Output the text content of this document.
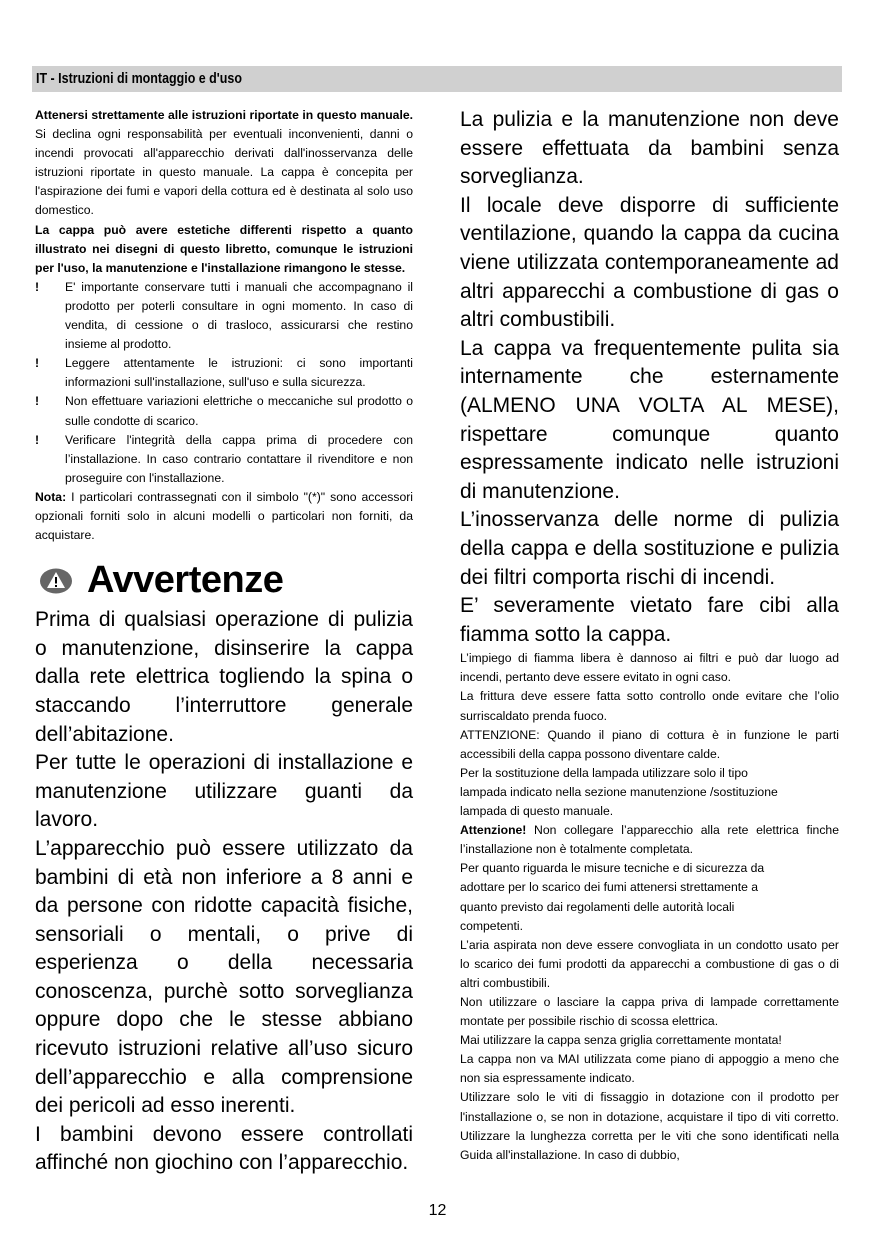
IT - Istruzioni di montaggio e d'uso

Attenersi strettamente alle istruzioni riportate in questo manuale. Si declina ogni responsabilità per eventuali inconvenienti, danni o incendi provocati all'apparecchio derivati dall'inosservanza delle istruzioni riportate in questo manuale. La cappa è concepita per l'aspirazione dei fumi e vapori della cottura ed è destinata al solo uso domestico.

La cappa può avere estetiche differenti rispetto a quanto illustrato nei disegni di questo libretto, comunque le istruzioni per l'uso, la manutenzione e l'installazione rimangono le stesse.

!	E' importante conservare tutti i manuali che accompagnano il prodotto per poterli consultare in ogni momento. In caso di vendita, di cessione o di trasloco, assicurarsi che restino insieme al prodotto.
!	Leggere attentamente le istruzioni: ci sono importanti informazioni sull'installazione, sull'uso e sulla sicurezza.
!	Non effettuare variazioni elettriche o meccaniche sul prodotto o sulle condotte di scarico.
!	Verificare l'integrità della cappa prima di procedere con l’installazione. In caso contrario contattare il rivenditore e non proseguire con l'installazione.

Nota: I particolari contrassegnati con il simbolo "(*)" sono accessori opzionali forniti solo in alcuni modelli o particolari non forniti, da acquistare.

Avvertenze

Prima di qualsiasi operazione di pulizia o manutenzione, disinserire la cappa dalla rete elettrica togliendo la spina o staccando l’interruttore generale dell’abitazione.

Per tutte le operazioni di installazione e manutenzione utilizzare guanti da lavoro.

L’apparecchio può essere utilizzato da bambini di età non inferiore a 8 anni e da persone con ridotte capacità fisiche, sensoriali o mentali, o prive di esperienza o della necessaria conoscenza, purchè sotto sorveglianza oppure dopo che le stesse abbiano ricevuto istruzioni relative all’uso sicuro dell’apparecchio e alla comprensione dei pericoli ad esso inerenti.

I bambini devono essere controllati affinché non giochino con l’apparecchio.

La pulizia e la manutenzione non deve essere effettuata da bambini senza sorveglianza.

Il locale deve disporre di sufficiente ventilazione, quando la cappa da cucina viene utilizzata contemporaneamente ad altri apparecchi a combustione di gas o altri combustibili.

La cappa va frequentemente pulita sia internamente che esternamente (ALMENO UNA VOLTA AL MESE), rispettare comunque quanto espressamente indicato nelle istruzioni di manutenzione.

L’inosservanza delle norme di pulizia della cappa e della sostituzione e pulizia dei filtri comporta rischi di incendi.

E’ severamente vietato fare cibi alla fiamma sotto la cappa.

L’impiego di fiamma libera è dannoso ai filtri e può dar luogo ad incendi, pertanto deve essere evitato in ogni caso.

La frittura deve essere fatta sotto controllo onde evitare che l’olio surriscaldato prenda fuoco.

ATTENZIONE: Quando il piano di cottura è in funzione le parti accessibili della cappa possono diventare calde.

Per la sostituzione della lampada utilizzare solo il tipo
lampada indicato nella sezione manutenzione /sostituzione
lampada di questo manuale.

Attenzione! Non collegare l’apparecchio alla rete elettrica finche l’installazione non è totalmente completata.

Per quanto riguarda le misure tecniche e di sicurezza da
adottare per lo scarico dei fumi attenersi strettamente a
quanto previsto dai regolamenti delle autorità locali
competenti.

L’aria aspirata non deve essere convogliata in un condotto usato per lo scarico dei fumi prodotti da apparecchi a combustione di gas o di altri combustibili.

Non utilizzare o lasciare la cappa priva di lampade correttamente montate per possibile rischio di scossa elettrica.

Mai utilizzare la cappa senza griglia correttamente montata!

La cappa non va MAI utilizzata come piano di appoggio a meno che non sia espressamente indicato.

Utilizzare solo le viti di fissaggio in dotazione con il prodotto per l'installazione o, se non in dotazione, acquistare il tipo di viti corretto. Utilizzare la lunghezza corretta per le viti che sono identificati nella Guida all'installazione. In caso di dubbio,

12
